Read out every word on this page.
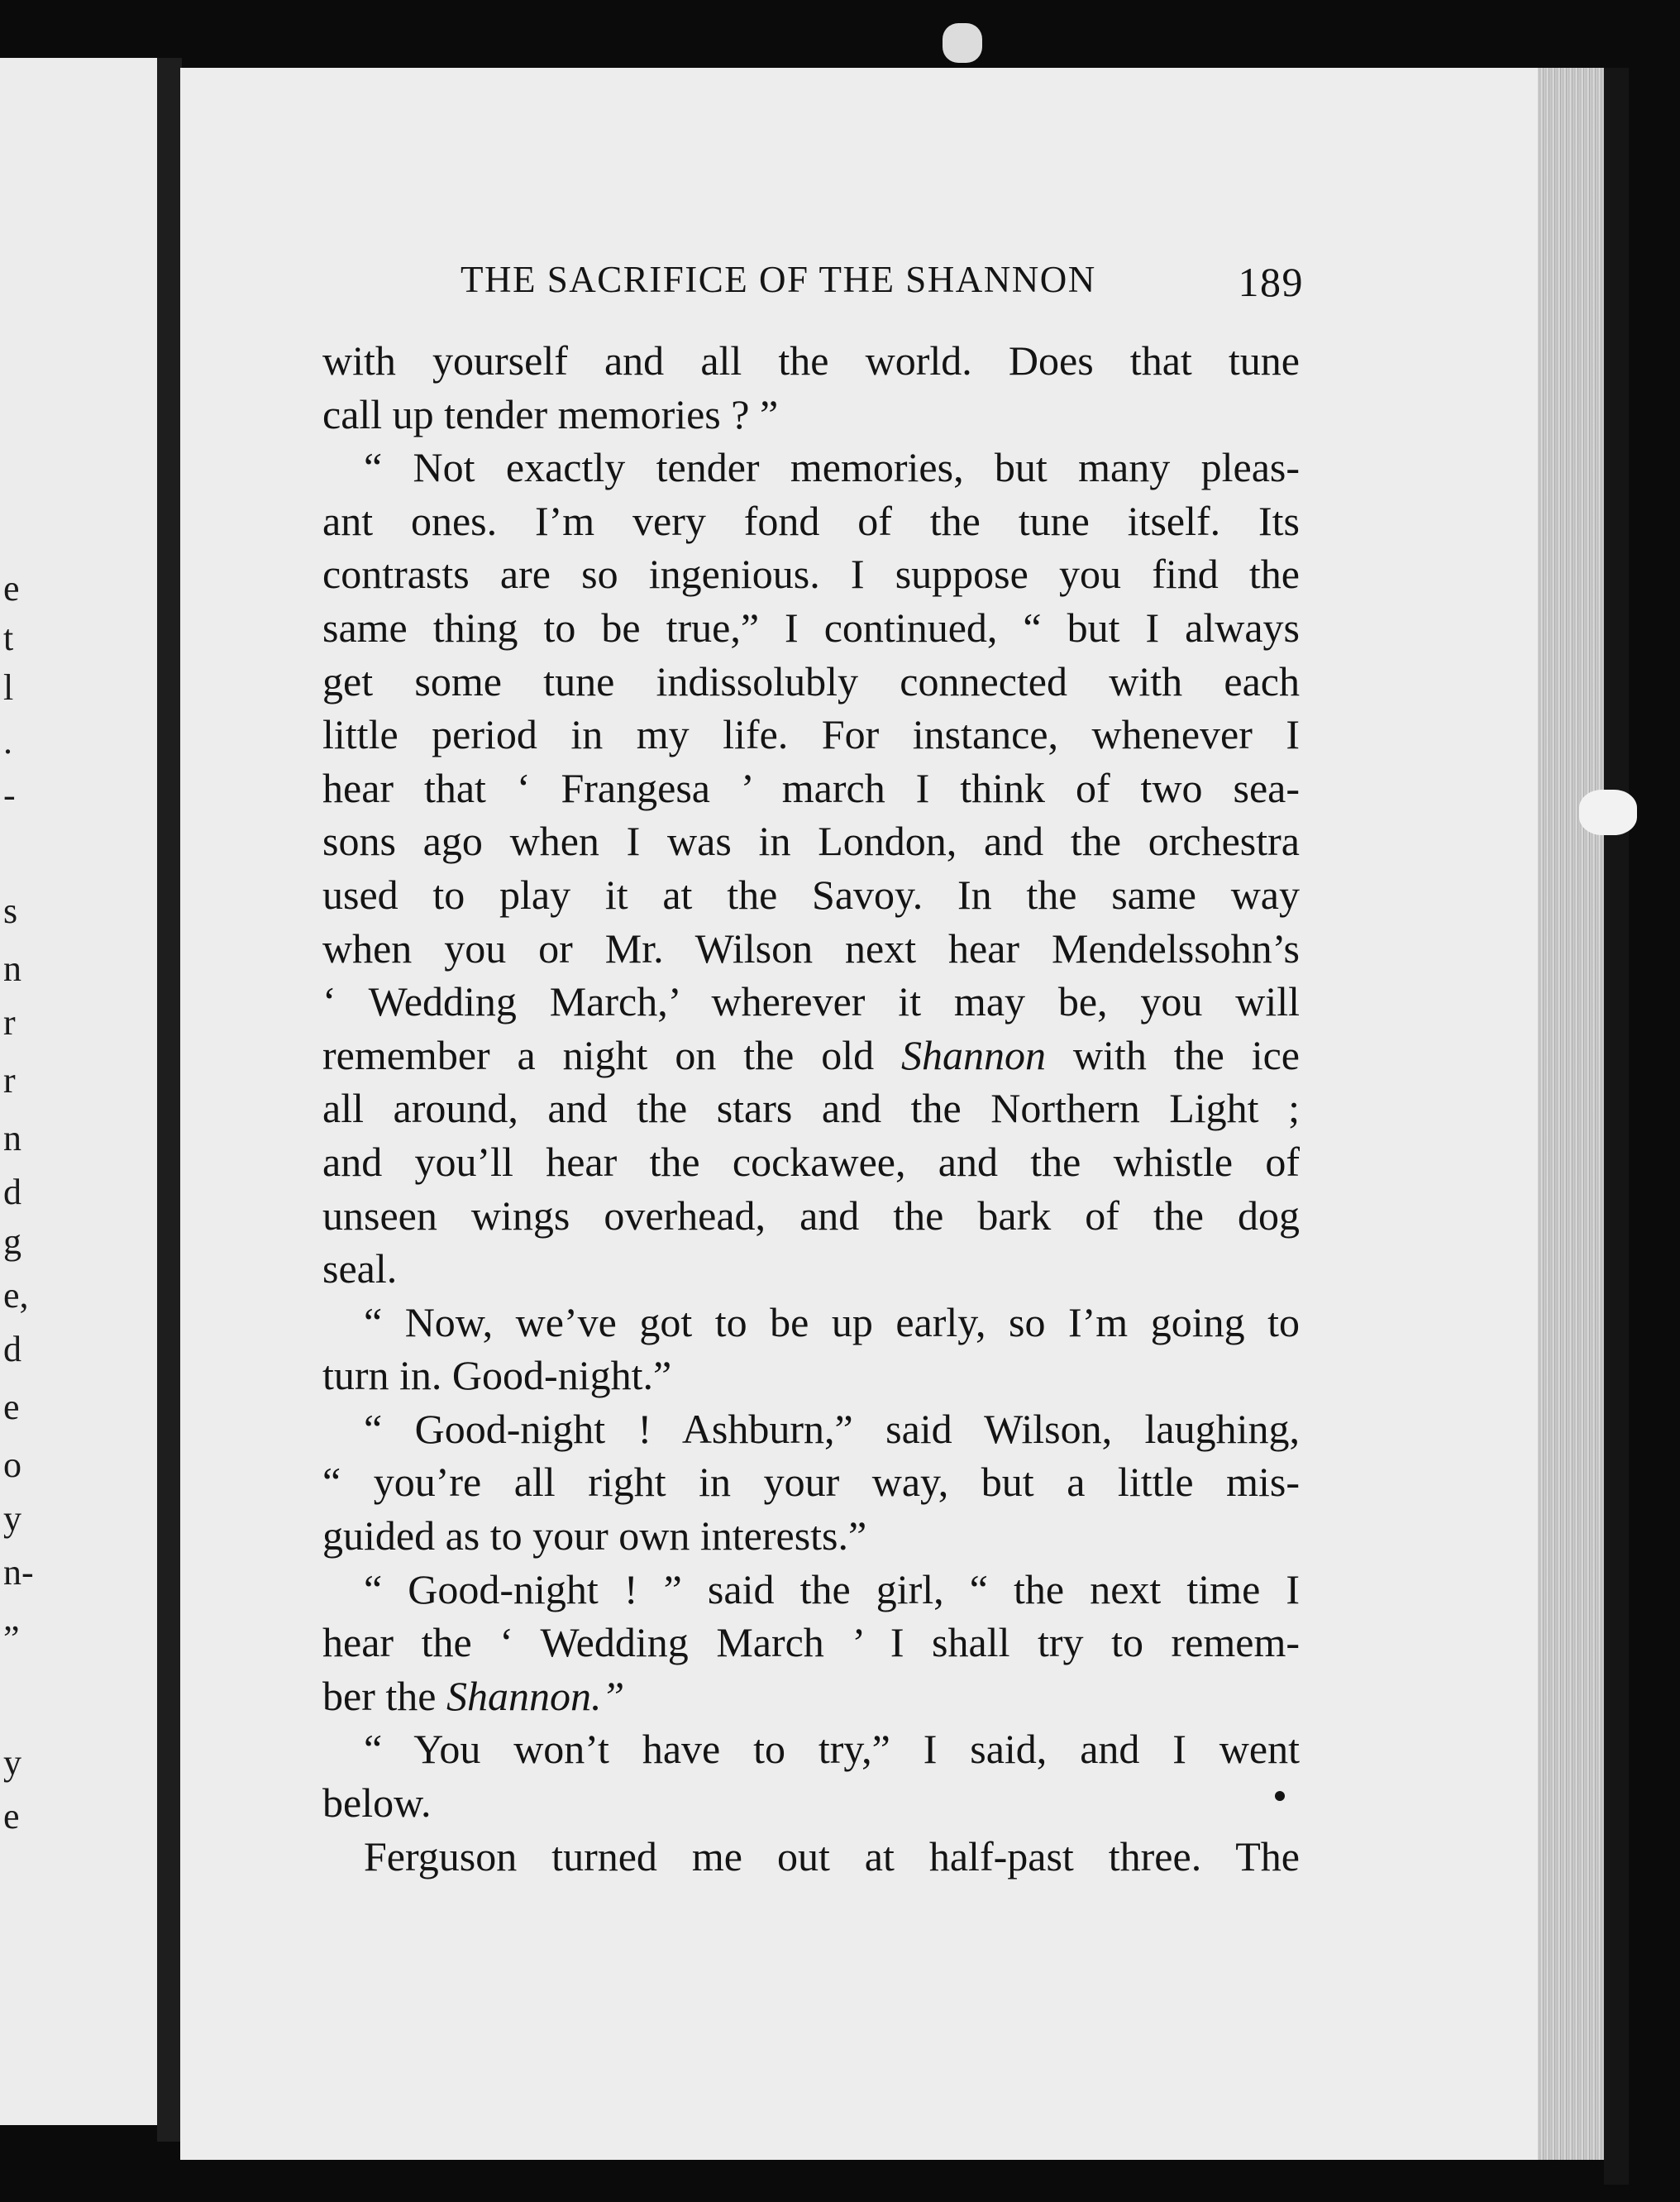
e
t
l
.
-
s
n
r
r
n
d
g
e,
d
e
o
y
n-
”
y
e
THE SACRIFICE OF THE SHANNON	189
with yourself and all the world. Does that tune
call up tender memories ? ”
“ Not exactly tender memories, but many pleas-
ant ones. I’m very fond of the tune itself. Its
contrasts are so ingenious. I suppose you find the
same thing to be true,” I continued, “ but I always
get some tune indissolubly connected with each
little period in my life. For instance, whenever I
hear that ‘ Frangesa ’ march I think of two sea-
sons ago when I was in London, and the orchestra
used to play it at the Savoy. In the same way
when you or Mr. Wilson next hear Mendelssohn’s
‘ Wedding March,’ wherever it may be, you will
remembеr a night on the old Shannon with the ice
all around, and the stars and the Northern Light ;
and you’ll hear the cockawee, and the whistle of
unseen wings overhead, and the bark of the dog
seal.
“ Now, we’ve got to be up early, so I’m going to
turn in. Good-night.”
“ Good-night ! Ashburn,” said Wilson, laughing,
“ you’re all right in your way, but a little mis-
guided as to your own interests.”
“ Good-night ! ” said the girl, “ the next time I
hear the ‘ Wedding March ’ I shall try to remem-
ber the Shannon.”
“ You won’t have to try,” I said, and I went
below.
Ferguson turned me out at half-past three. The
